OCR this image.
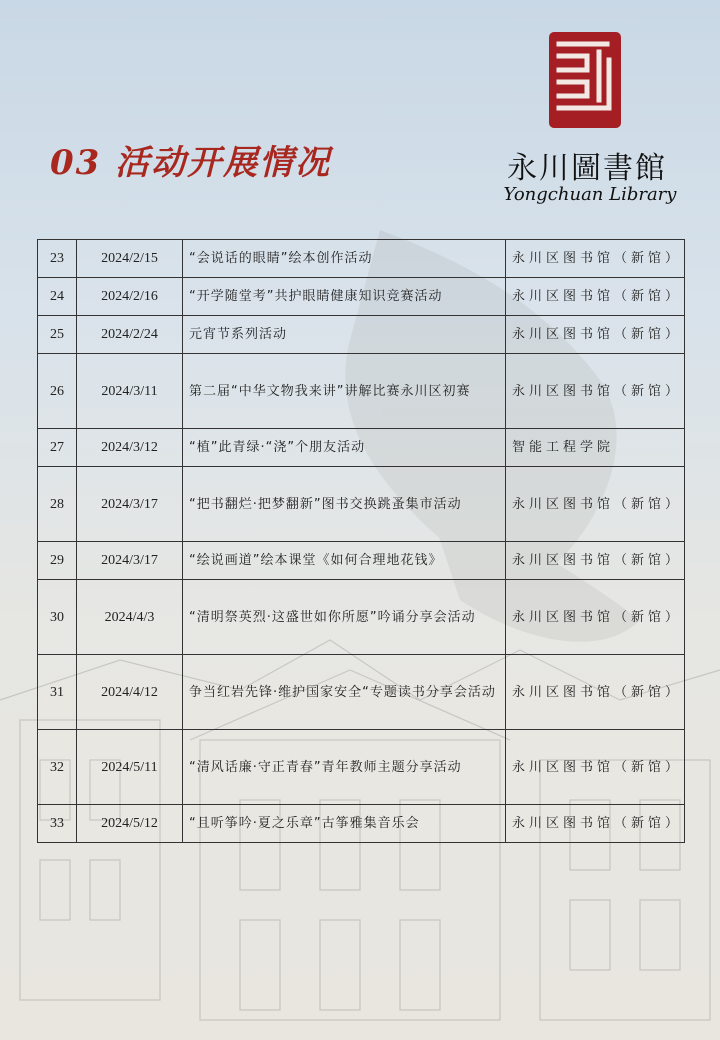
03 活动开展情况	永川圖書館
Yongchuan Library
23	2024/2/15	“会说话的眼睛”绘本创作活动	永川区图书馆（新馆）
24	2024/2/16	“开学随堂考”共护眼睛健康知识竞赛活动	永川区图书馆（新馆）
25	2024/2/24	元宵节系列活动	永川区图书馆（新馆）
26	2024/3/11	第二届“中华文物我来讲”讲解比赛永川区初赛	永川区图书馆（新馆）
27	2024/3/12	“植”此青绿·“浇”个朋友活动	智能工程学院
28	2024/3/17	“把书翻烂·把梦翻新”图书交换跳蚤集市活动	永川区图书馆（新馆）
29	2024/3/17	“绘说画道”绘本课堂《如何合理地花钱》	永川区图书馆（新馆）
30	2024/4/3	“清明祭英烈·这盛世如你所愿”吟诵分享会活动	永川区图书馆（新馆）
31	2024/4/12	争当红岩先锋·维护国家安全“专题读书分享会活动	永川区图书馆（新馆）
32	2024/5/11	“清风话廉·守正青春”青年教师主题分享活动	永川区图书馆（新馆）
33	2024/5/12	“且听筝吟·夏之乐章”古筝雅集音乐会	永川区图书馆（新馆）
